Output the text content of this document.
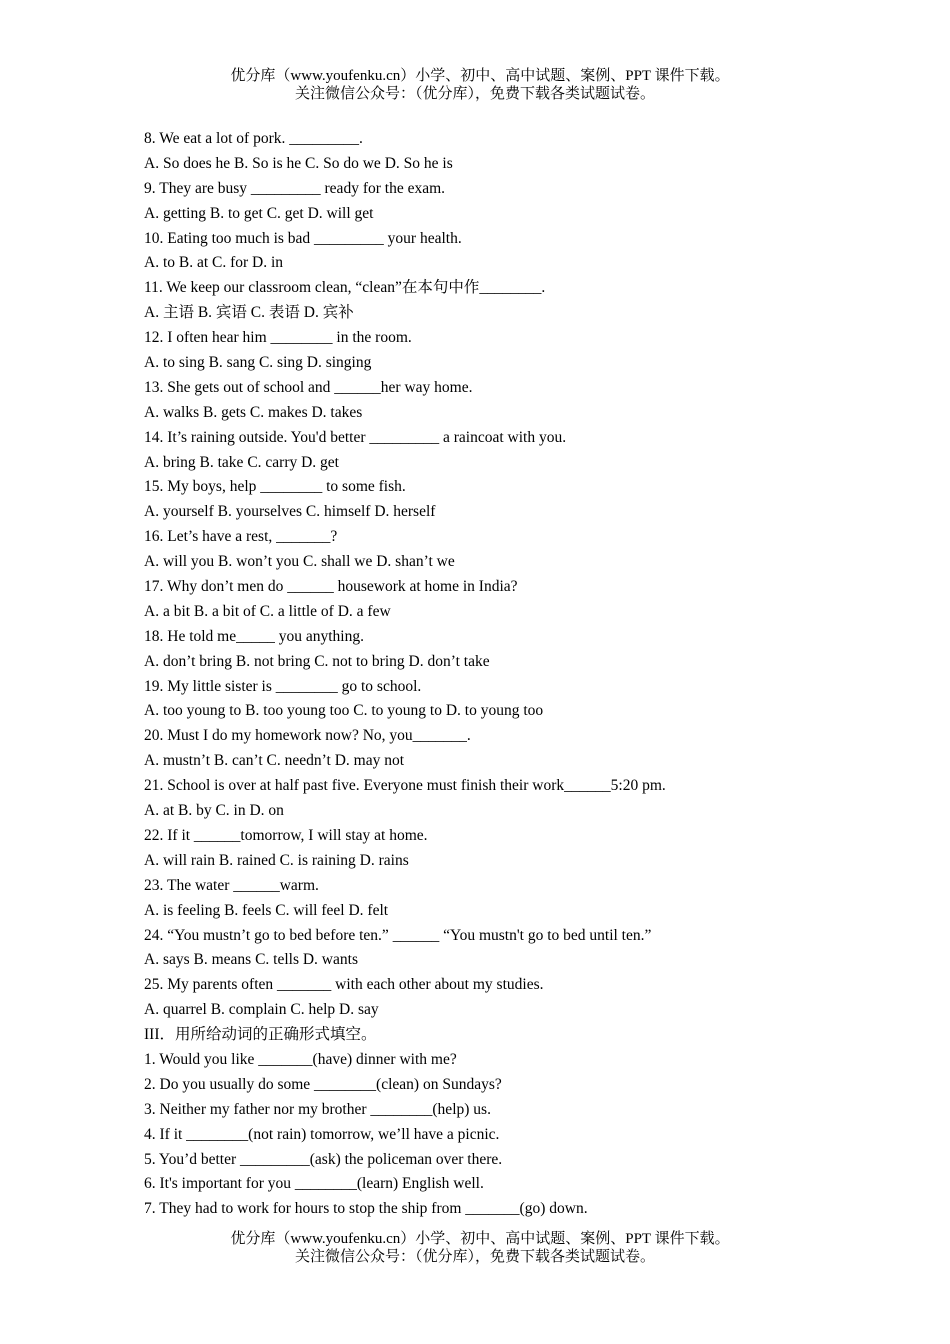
优分库（www.youfenku.cn）小学、初中、高中试题、案例、PPT 课件下载。
关注微信公众号：（优分库），免费下载各类试题试卷。
8. We eat a lot of pork. _________.
A. So does he B. So is he C. So do we D. So he is
9. They are busy _________ ready for the exam.
A. getting B. to get C. get D. will get
10. Eating too much is bad _________ your health.
A. to B. at C. for D. in
11. We keep our classroom clean, “clean”在本句中作________.
A. 主语 B. 宾语 C. 表语 D. 宾补
12. I often hear him ________ in the room.
A. to sing B. sang C. sing D. singing
13. She gets out of school and ______her way home.
A. walks B. gets C. makes D. takes
14. It’s raining outside. You'd better _________ a raincoat with you.
A. bring B. take C. carry D. get
15. My boys, help ________ to some fish.
A. yourself B. yourselves C. himself D. herself
16. Let’s have a rest, _______?
A. will you B. won’t you C. shall we D. shan’t we
17. Why don’t men do ______ housework at home in India?
A. a bit B. a bit of C. a little of D. a few
18. He told me_____ you anything.
A. don’t bring B. not bring C. not to bring D. don’t take
19. My little sister is ________ go to school.
A. too young to B. too young too C. to young to D. to young too
20. Must I do my homework now? No, you_______.
A. mustn’t B. can’t C. needn’t D. may not
21. School is over at half past five. Everyone must finish their work______5:20 pm.
A. at B. by C. in D. on
22. If it ______tomorrow, I will stay at home.
A. will rain B. rained C. is raining D. rains
23. The water ______warm.
A. is feeling B. feels C. will feel D. felt
24. “You mustn’t go to bed before ten.” ______ “You mustn't go to bed until ten.”
A. says B. means C. tells D. wants
25. My parents often _______ with each other about my studies.
A. quarrel B. complain C. help D. say
III．用所给动词的正确形式填空。
1. Would you like _______(have) dinner with me?
2. Do you usually do some ________(clean) on Sundays?
3. Neither my father nor my brother ________(help) us.
4. If it ________(not rain) tomorrow, we’ll have a picnic.
5. You’d better _________(ask) the policeman over there.
6. It's important for you ________(learn) English well.
7. They had to work for hours to stop the ship from _______(go) down.
优分库（www.youfenku.cn）小学、初中、高中试题、案例、PPT 课件下载。
关注微信公众号：（优分库），免费下载各类试题试卷。
